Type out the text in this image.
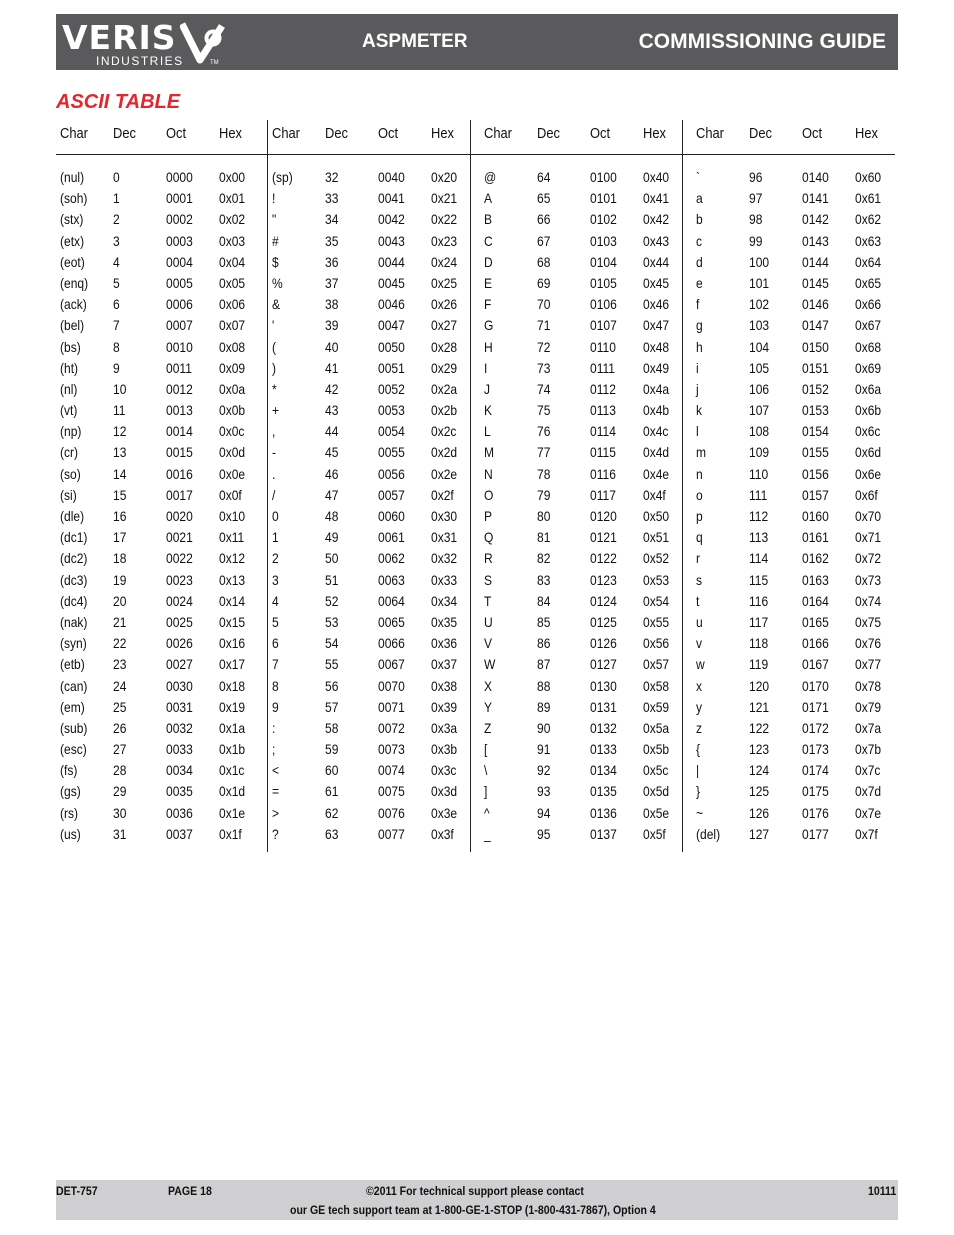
VERIS
INDUSTRIES	TM
ASPMETER	COMMISSIONING GUIDE
ASCII TABLE
Char Dec Oct Hex Char Dec Oct Hex Char Dec Oct Hex Char Dec Oct Hex
(nul) 0	0000 0x00 (sp) 32	0040 0x20 @	64	0100 0x40 `	96	0140 0x60
(soh) 1	0001 0x01 !	33	0041 0x21 A	65	0101 0x41 a	97	0141 0x61
(stx) 2	0002 0x02 "	34	0042 0x22 B	66	0102 0x42 b	98	0142 0x62
(etx) 3	0003 0x03 #	35	0043 0x23 C	67	0103 0x43 c	99	0143 0x63
(eot) 4	0004 0x04 $	36	0044 0x24 D	68	0104 0x44 d	100 0144 0x64
(enq) 5	0005 0x05 %	37	0045 0x25 E	69	0105 0x45 e	101 0145 0x65
(ack) 6	0006 0x06 &	38	0046 0x26 F	70	0106 0x46 f	102 0146 0x66
(bel) 7	0007 0x07 '	39	0047 0x27 G	71	0107 0x47 g	103 0147 0x67
(bs) 8	0010 0x08 (	40	0050 0x28 H	72	0110 0x48 h	104 0150 0x68
(ht) 9	0011 0x09 )	41	0051 0x29 I	73	0111 0x49 i	105 0151 0x69
(nl)	10	0012 0x0a *	42	0052 0x2a J	74	0112 0x4a j	106 0152 0x6a
(vt)	11	0013 0x0b +	43	0053 0x2b K	75	0113 0x4b k	107 0153 0x6b
(np) 12	0014 0x0c ,	44	0054 0x2c L	76	0114 0x4c l	108 0154 0x6c
(cr) 13	0015 0x0d -	45	0055 0x2d M	77	0115 0x4d m	109 0155 0x6d
(so) 14	0016 0x0e .	46	0056 0x2e N	78	0116 0x4e n	110 0156 0x6e
(si)	15	0017 0x0f /	47	0057 0x2f O	79	0117 0x4f o	111 0157 0x6f
(dle) 16	0020 0x10 0	48	0060 0x30 P	80	0120 0x50 p	112 0160 0x70
(dc1) 17	0021 0x11 1	49	0061 0x31 Q	81	0121 0x51 q	113 0161 0x71
(dc2) 18	0022 0x12 2	50	0062 0x32 R	82	0122 0x52 r	114 0162 0x72
(dc3) 19	0023 0x13 3	51	0063 0x33 S	83	0123 0x53 s	115 0163 0x73
(dc4) 20	0024 0x14 4	52	0064 0x34 T	84	0124 0x54 t	116 0164 0x74
(nak) 21	0025 0x15 5	53	0065 0x35 U	85	0125 0x55 u	117 0165 0x75
(syn) 22	0026 0x16 6	54	0066 0x36 V	86	0126 0x56 v	118 0166 0x76
(etb) 23	0027 0x17 7	55	0067 0x37 W	87	0127 0x57 w	119 0167 0x77
(can) 24	0030 0x18 8	56	0070 0x38 X	88	0130 0x58 x	120 0170 0x78
(em) 25	0031 0x19 9	57	0071 0x39 Y	89	0131 0x59 y	121 0171 0x79
(sub) 26	0032 0x1a :	58	0072 0x3a Z	90	0132 0x5a z	122 0172 0x7a
(esc) 27	0033 0x1b ;	59	0073 0x3b [	91	0133 0x5b {	123 0173 0x7b
(fs)	28	0034 0x1c <	60	0074 0x3c \	92	0134 0x5c |	124 0174 0x7c
(gs) 29	0035 0x1d =	61	0075 0x3d ]	93	0135 0x5d }	125 0175 0x7d
(rs) 30	0036 0x1e >	62	0076 0x3e ^	94	0136 0x5e ~	126 0176 0x7e
(us) 31	0037 0x1f ?	63	0077 0x3f _	95	0137 0x5f (del) 127 0177 0x7f
DET-757	PAGE 18	©2011 For technical support please contact
our GE tech support team at 1-800-GE-1-STOP (1-800-431-7867), Option 4
10111
